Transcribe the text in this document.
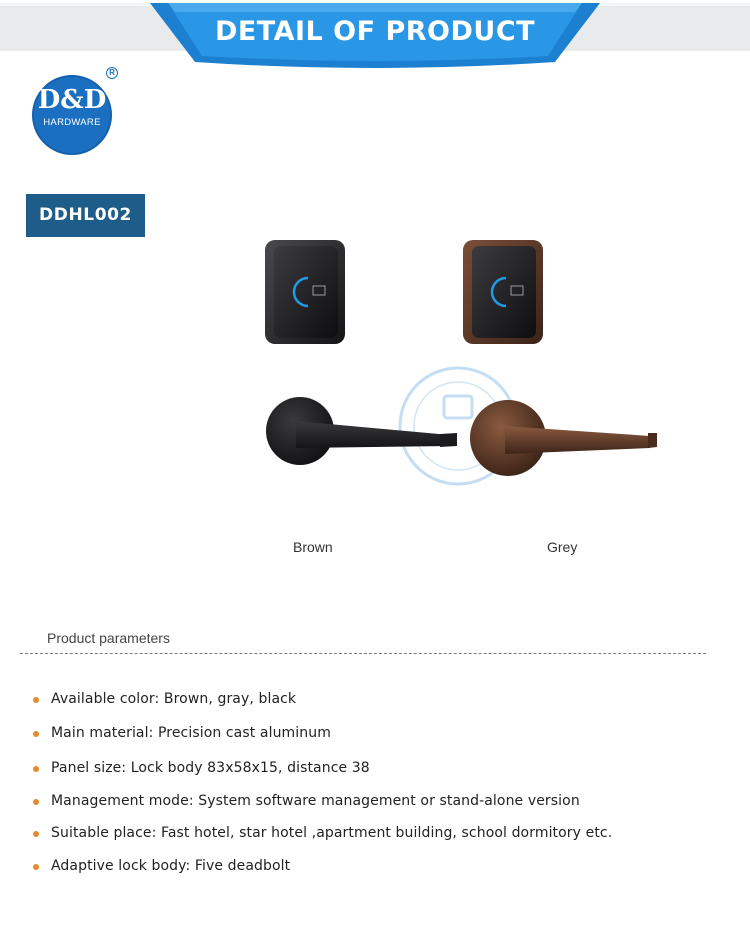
DETAIL OF PRODUCT
D&D
HARDWARE
R
DDHL002
Brown	Grey
Product parameters
Available color: Brown, gray, black
Main material: Precision cast aluminum
Panel size: Lock body 83x58x15, distance 38
Management mode: System software management or stand-alone version
Suitable place: Fast hotel, star hotel ,apartment building, school dormitory etc.
Adaptive lock body: Five deadbolt
